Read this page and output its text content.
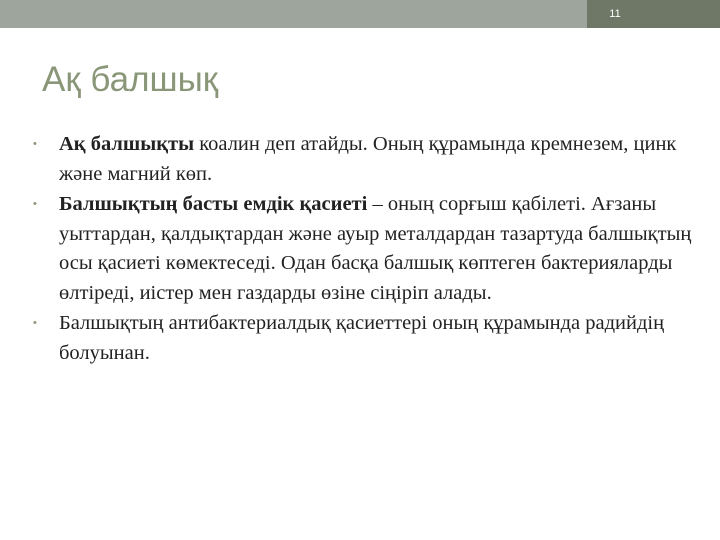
11
Ақ балшық
•	Ақ балшықты коалин деп атайды. Оның құрамында кремнезем, цинк және магний көп.
•	Балшықтың басты емдік қасиеті – оның сорғыш қабілеті. Ағзаны уыттардан, қалдықтардан және ауыр металдардан тазартуда балшықтың осы қасиеті көмектеседі. Одан басқа балшық көптеген бактерияларды өлтіреді, иістер мен газдарды өзіне сіңіріп алады.
•	Балшықтың антибактериалдық қасиеттері оның құрамында радийдің болуынан.
